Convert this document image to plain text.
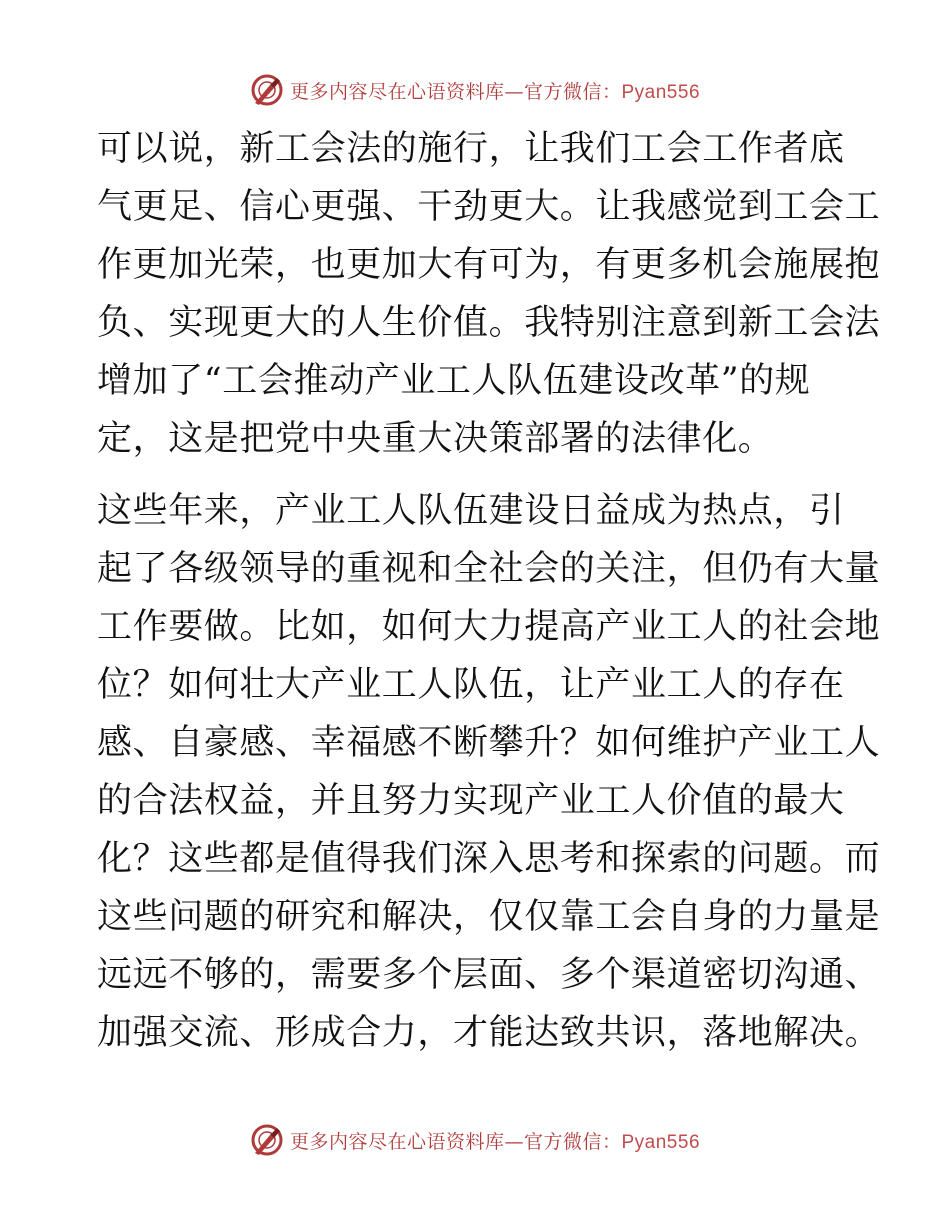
更多内容尽在心语资料库—官方微信：Pyan556

可以说，新工会法的施行，让我们工会工作者底
气更足、信心更强、干劲更大。让我感觉到工会工
作更加光荣，也更加大有可为，有更多机会施展抱
负、实现更大的人生价值。我特别注意到新工会法
增加了“工会推动产业工人队伍建设改革”的规
定，这是把党中央重大决策部署的法律化。

这些年来，产业工人队伍建设日益成为热点，引
起了各级领导的重视和全社会的关注，但仍有大量
工作要做。比如，如何大力提高产业工人的社会地
位？如何壮大产业工人队伍，让产业工人的存在
感、自豪感、幸福感不断攀升？如何维护产业工人
的合法权益，并且努力实现产业工人价值的最大
化？这些都是值得我们深入思考和探索的问题。而
这些问题的研究和解决，仅仅靠工会自身的力量是
远远不够的，需要多个层面、多个渠道密切沟通、
加强交流、形成合力，才能达致共识，落地解决。

更多内容尽在心语资料库—官方微信：Pyan556
